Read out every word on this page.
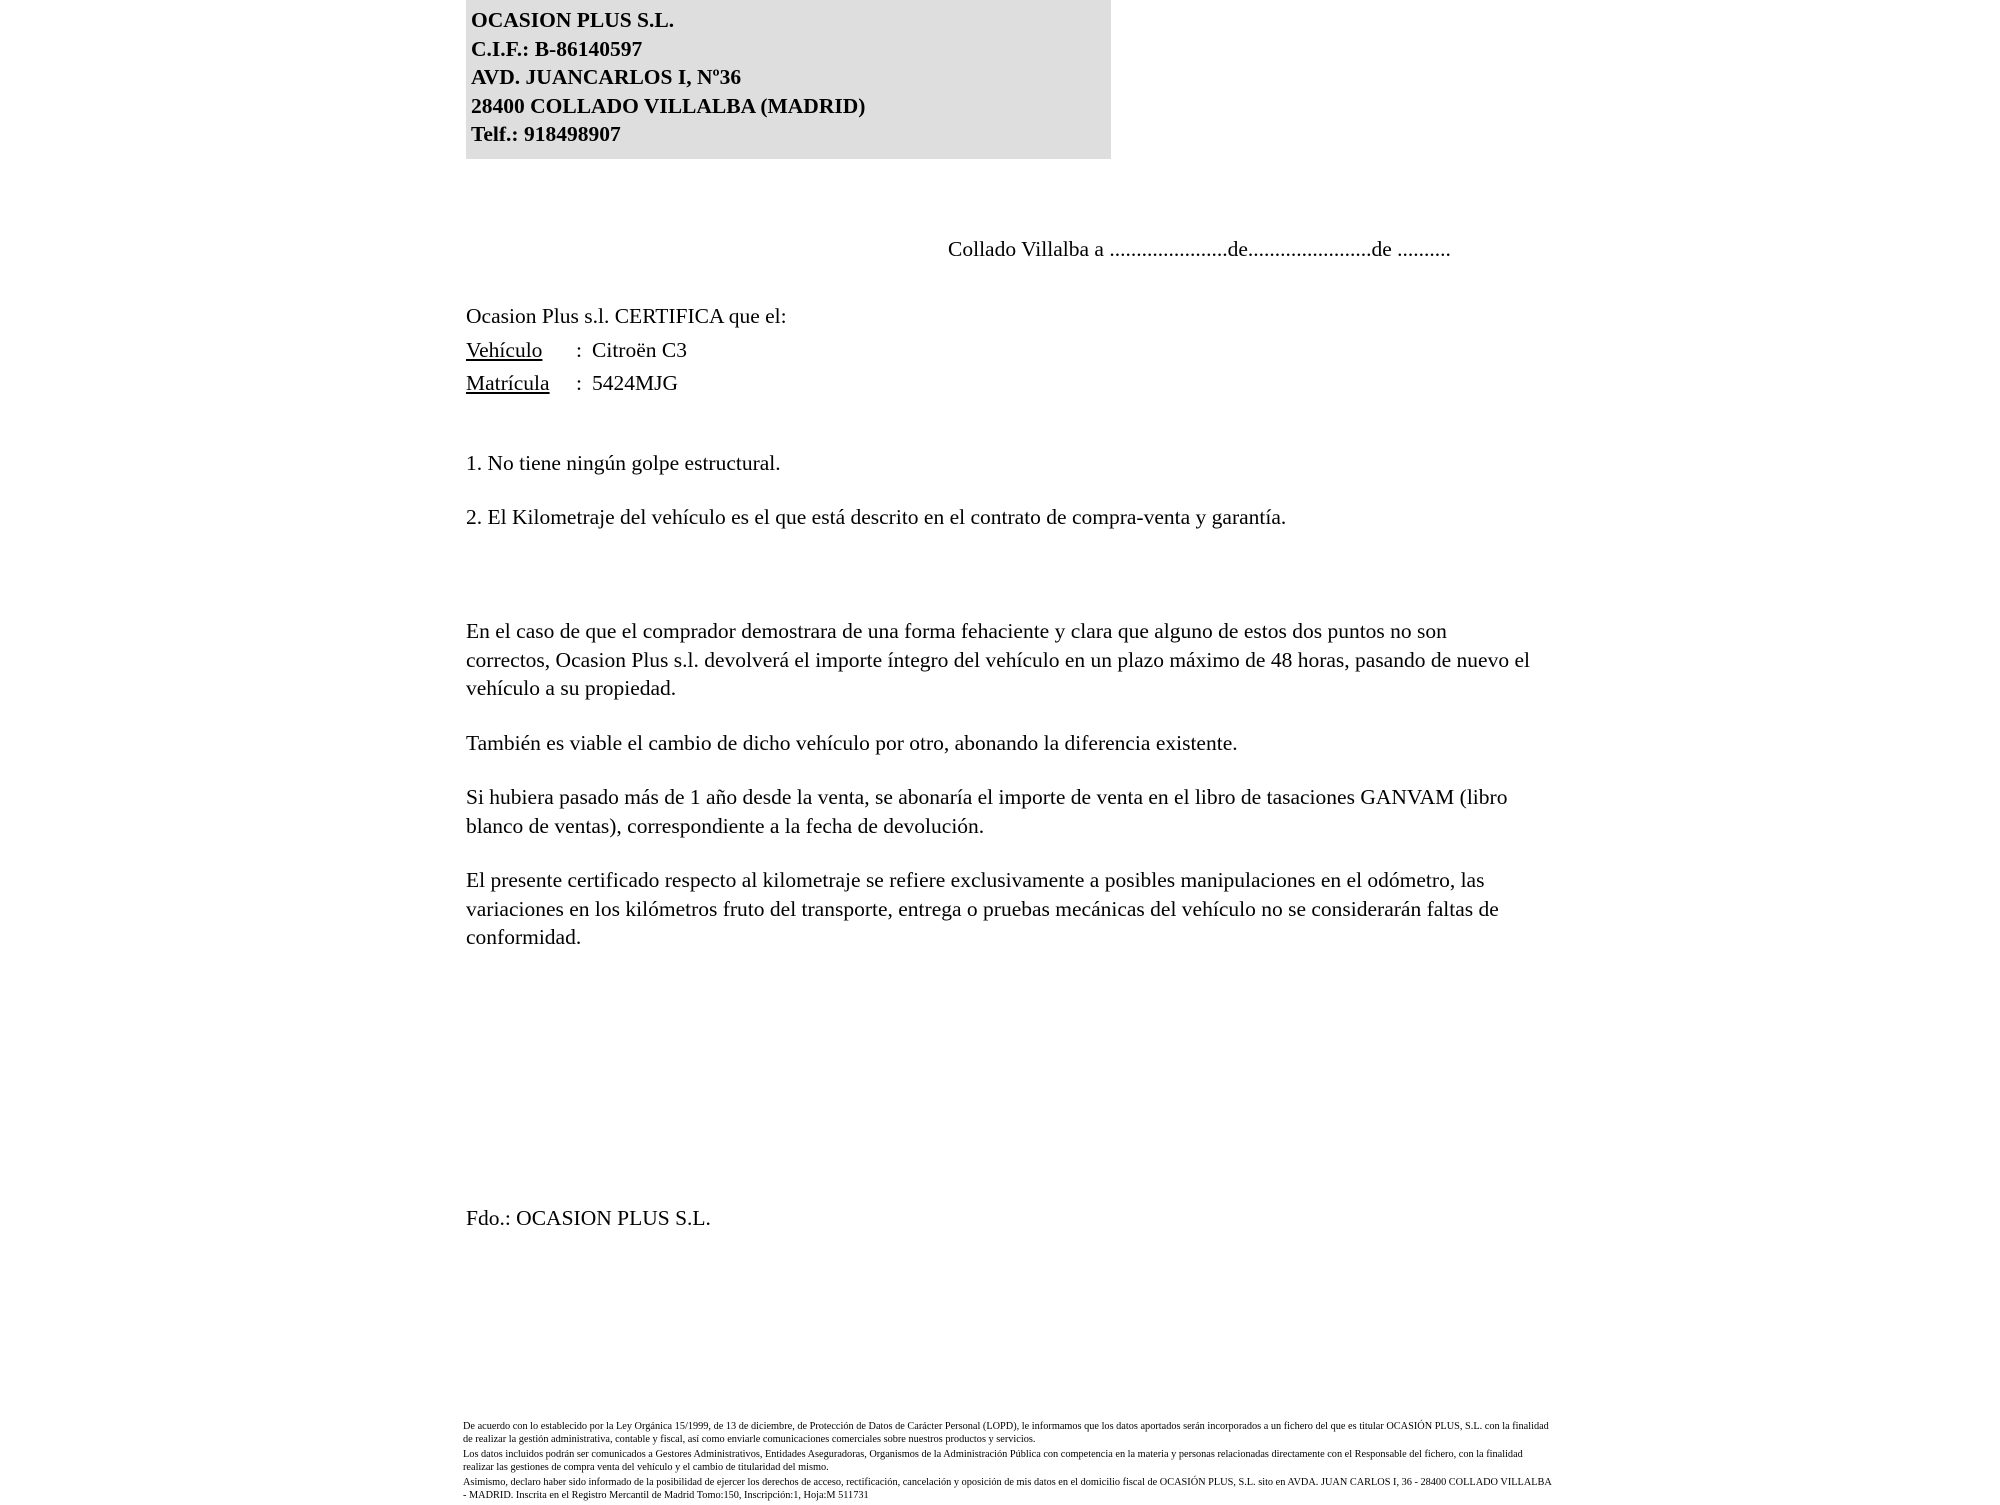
OCASION PLUS S.L.
C.I.F.: B-86140597
AVD. JUANCARLOS I, Nº36
28400 COLLADO VILLALBA (MADRID)
Telf.: 918498907
Collado Villalba a ......................de.......................de ..........
Ocasion Plus s.l. CERTIFICA que el:
Vehículo : Citroën C3
Matrícula : 5424MJG
1. No tiene ningún golpe estructural.
2. El Kilometraje del vehículo es el que está descrito en el contrato de compra-venta y garantía.

En el caso de que el comprador demostrara de una forma fehaciente y clara que alguno de estos dos puntos no son correctos, Ocasion Plus s.l. devolverá el importe íntegro del vehículo en un plazo máximo de 48 horas, pasando de nuevo el vehículo a su propiedad.

También es viable el cambio de dicho vehículo por otro, abonando la diferencia existente.

Si hubiera pasado más de 1 año desde la venta, se abonaría el importe de venta en el libro de tasaciones GANVAM (libro blanco de ventas), correspondiente a la fecha de devolución.

El presente certificado respecto al kilometraje se refiere exclusivamente a posibles manipulaciones en el odómetro, las variaciones en los kilómetros fruto del transporte, entrega o pruebas mecánicas del vehículo no se considerarán faltas de conformidad.

Fdo.: OCASION PLUS S.L.

De acuerdo con lo establecido por la Ley Orgánica 15/1999, de 13 de diciembre, de Protección de Datos de Carácter Personal (LOPD), le informamos que los datos aportados serán incorporados a un fichero del que es titular OCASIÓN PLUS, S.L. con la finalidad de realizar la gestión administrativa, contable y fiscal, así como enviarle comunicaciones comerciales sobre nuestros productos y servicios.

Los datos incluidos podrán ser comunicados a Gestores Administrativos, Entidades Aseguradoras, Organismos de la Administración Pública con competencia en la materia y personas relacionadas directamente con el Responsable del fichero, con la finalidad realizar las gestiones de compra venta del vehículo y el cambio de titularidad del mismo.

Asimismo, declaro haber sido informado de la posibilidad de ejercer los derechos de acceso, rectificación, cancelación y oposición de mis datos en el domicilio fiscal de OCASIÓN PLUS, S.L. sito en AVDA. JUAN CARLOS I, 36 - 28400 COLLADO VILLALBA - MADRID. Inscrita en el Registro Mercantil de Madrid Tomo:150, Inscripción:1, Hoja:M 511731
